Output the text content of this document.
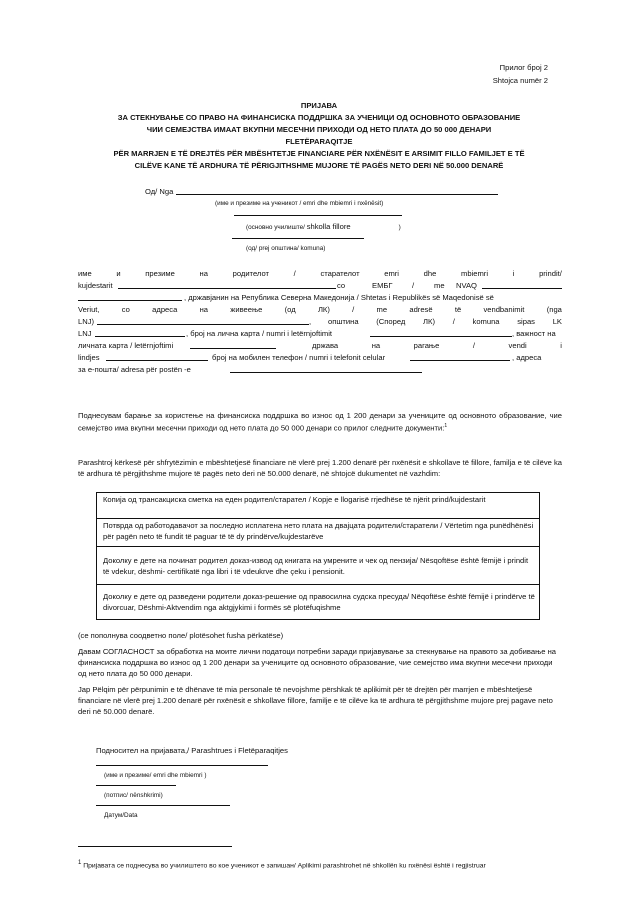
Прилог број 2
Shtojca numër 2
ПРИЈАВА
ЗА СТЕКНУВАЊЕ СО ПРАВО НА ФИНАНСИСКА ПОДДРШКА ЗА УЧЕНИЦИ ОД ОСНОВНОТО ОБРАЗОВАНИЕ
ЧИИ СЕМЕЈСТВА ИМААТ ВКУПНИ МЕСЕЧНИ ПРИХОДИ ОД НЕТО ПЛАТА ДО 50 000 ДЕНАРИ
FLETËPARAQITJE
PËR MARRJEN E TË DREJTËS PËR MBËSHTETJE FINANCIARE PËR NXËNËSIT E ARSIMIT FILLO FAMILJET E TË
CILËVE KANE TË ARDHURA TË PËRIGJITHSHME MUJORE TË PAGËS NETO DERI NË 50.000 DENARË
Од/ Nga
(име и презиме на ученикот / emri dhe mbiemri i nxënësit)
(основно училиште/ shkolla fillore	)
(од/ prej општина/ komuna)
име	и	презиме	на	родителот	/	старателот	emri	dhe	mbiemri	i	prindit/
kujdestarit	со	ЕМБГ	/	me NVAQ
, државјанин на Република Северна Македонија / Shtetas i Republikës së Maqedonisë së
Veriut,	со	адреса	на	живеење	(од	ЛК)	/	me	adresë	të	vendbanimit	(nga
LNJ)	, општина (Според ЛК) / komuna sipas LK
LNJ	, број на лична карта / numri i letërnjoftimit	, важност на
личната карта / letërnjoftimi	држава	на	рагање	/	vendi	i
lindjes	број на мобилен телефон / numri i telefonit celular	, адреса
за е-пошта/ adresa për postën -е
Поднесувам барање за користење на финансиска поддршка во износ од 1 200 денари за учениците од основното образование, чие семејство има вкупни месечни приходи од нето плата до 50 000 денари со прилог следните документи:$^1$
Parashtroj kërkesë për shfrytëzimin e mbështetjesë financiare në vlerë prej 1.200 denarë për nxënësit e shkollave të fillore, familja e të cilëve ka të ardhura të përgjithshme mujore të pagës neto deri në 50.000 denarë, në shtojcë dukumentet në vazhdim:
Копија од трансакциска сметка на еден родител/старател / Kopje e llogarisë rrjedhëse të njërit prind/kujdestarit
Потврда од работодавачот за последно исплатена нето плата на двајцата родители/старатели / Vërtetim nga punëdhënësi për pagën neto të fundit të paguar të të dy prindërve/kujdestarëve
Доколку е дете на починат родител доказ-извод од книгата на умрените и чек од пензија/ Nësqoftëse është fëmijë i prindit të vdekur, dëshmi- certifikatë nga libri i të vdeukrve dhe çeku i pensionit.
Доколку е дете од разведени родители доказ-решение од правосилна судска пресуда/ Nëqoftëse është fëmijë i prindërve të divorcuar, Dëshmi-Aktvendim nga aktgjykimi i formës së plotëfuqishme
(се пополнува соодветно поле/ plotësohet fusha përkatëse)
Давам СОГЛАСНОСТ за обработка на моите лични податоци потребни заради пријавување за стекнување на правото за добивање на финансиска поддршка во износ од 1 200 денари за учениците од основното образование, чие семејство има вкупни месечни приходи од нето плата до 50 000 денари.
Jap Pëlqim për përpunimin e të dhënave të mia personale të nevojshme përshkak të aplikimit për të drejtën për marrjen e mbështetjesë financiare në vlerë prej 1.200 denarë për nxënësit e shkollave fillore, familje e të cilëve ka të ardhura të përgjithshme mujore prej pagave neto deri në 50.000 denarë.
Подносител на пријавата,/ Parashtrues i Fletëparaqitjes
(име и презиме/ emri dhe mbiemri )
(потпис/ nënshkrimi)
Датум/Data
$^1$ Пријавата се поднесува во училиштето во кое ученикот е запишан/ Aplikimi parashtrohet në shkollën ku nxënësi është i regjistruar
